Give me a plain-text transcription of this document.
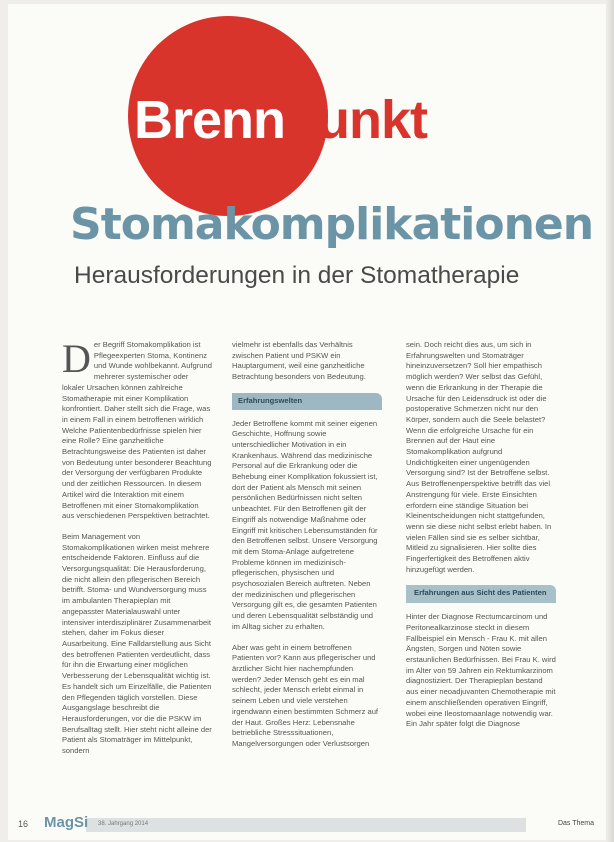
Brennpunkt
Stomakomplikationen
Herausforderungen in der Stomatherapie

Der Begriff Stomakomplikation ist Pflegeexperten Stoma, Kontinenz und Wunde wohlbekannt. Aufgrund mehrerer systemischer oder lokaler Ursachen können zahlreiche Stomatherapie mit einer Komplikation konfrontiert. Daher stellt sich die Frage, was in einem Fall in einem betroffenen wirklich Welche Patientenbedürfnisse spielen hier eine Rolle? Eine ganzheitliche Betrachtungsweise des Patienten ist daher von Bedeutung unter besonderer Beachtung der Versorgung der verfügbaren Produkte und der zeitlichen Ressourcen. In diesem Artikel wird die Interaktion mit einem Betroffenen mit einer Stomakomplikation aus verschiedenen Perspektiven betrachtet.

Beim Management von Stomakomplikationen wirken meist mehrere entscheidende Faktoren. Einfluss auf die Versorgungsqualität: Die Herausforderung, die nicht allein den pflegerischen Bereich betrifft. Stoma- und Wundversorgung muss im ambulanten Therapieplan mit angepasster Materialauswahl unter intensiver interdisziplinärer Zusammenarbeit stehen, daher im Fokus dieser Ausarbeitung. Eine Falldarstellung aus Sicht des betroffenen Patienten verdeutlicht, dass für ihn die Erwartung einer möglichen Verbesserung der Lebensqualität wichtig ist. Es handelt sich um Einzelfälle, die Patienten den Pflegenden täglich vorstellen. Diese Ausgangslage beschreibt die Herausforderungen, vor die die PSKW im Berufsalltag stellt. Hier steht nicht alleine der Patient als Stomaträger im Mittelpunkt, sondern

vielmehr ist ebenfalls das Verhältnis zwischen Patient und PSKW ein Hauptargument, weil eine ganzheitliche Betrachtung besonders von Bedeutung.

Erfahrungswelten

Jeder Betroffene kommt mit seiner eigenen Geschichte, Hoffnung sowie unterschiedlicher Motivation in ein Krankenhaus. Während das medizinische Personal auf die Erkrankung oder die Behebung einer Komplikation fokussiert ist, dort der Patient als Mensch mit seinen persönlichen Bedürfnissen nicht selten unbeachtet. Für den Betroffenen gilt der Eingriff als notwendige Maßnahme oder Eingriff mit kritischen Lebensumständen für den Betroffenen selbst. Unsere Versorgung mit dem Stoma-Anlage aufgetretene Probleme können im medizinisch-pflegerischen, physischen und psychosozialen Bereich auftreten. Neben der medizinischen und pflegerischen Versorgung gilt es, die gesamten Patienten und deren Lebensqualität selbständig und im Alltag sicher zu erhalten.

Aber was geht in einem betroffenen Patienten vor? Kann aus pflegerischer und ärztlicher Sicht hier nachempfunden werden? Jeder Mensch geht es ein mal schlecht, jeder Mensch erlebt einmal in seinem Leben und viele verstehen irgendwann einen bestimmten Schmerz auf der Haut. Großes Herz: Lebensnahe betriebliche Stresssituationen, Mangelversorgungen oder Verlustsorgen

sein. Doch reicht dies aus, um sich in Erfahrungswelten und Stomaträger hineinzuversetzen? Soll hier empathisch möglich werden? Wer selbst das Gefühl, wenn die Erkrankung in der Therapie die Ursache für den Leidensdruck ist oder die postoperative Schmerzen nicht nur den Körper, sondern auch die Seele belastet? Wenn die erfolgreiche Ursache für ein Brennen auf der Haut eine Stomakomplikation aufgrund Undichtigkeiten einer ungenügenden Versorgung sind? Ist der Betroffene selbst. Aus Betroffenenperspektive betrifft das viel Anstrengung für viele. Erste Einsichten erfordern eine ständige Situation bei Kleinentscheidungen nicht stattgefunden, wenn sie diese nicht selbst erlebt haben. In vielen Fällen sind sie es selber sichtbar, Mitleid zu signalisieren. Hier sollte dies Fingerfertigkeit des Betroffenen aktiv hinzugefügt werden.

Erfahrungen aus Sicht des Patienten

Hinter der Diagnose Rectumcarcinom und Peritonealkarzinose steckt in diesem Fallbeispiel ein Mensch - Frau K. mit allen Ängsten, Sorgen und Nöten sowie erstaunlichen Bedürfnissen. Bei Frau K. wird im Alter von 59 Jahren ein Rektumkarzinom diagnostiziert. Der Therapieplan bestand aus einer neoadjuvanten Chemotherapie mit einem anschließenden operativen Eingriff, wobei eine Ileostomaanlage notwendig war. Ein Jahr später folgt die Diagnose

16 MagSi 38. Jahrgang 2014	Das Thema
